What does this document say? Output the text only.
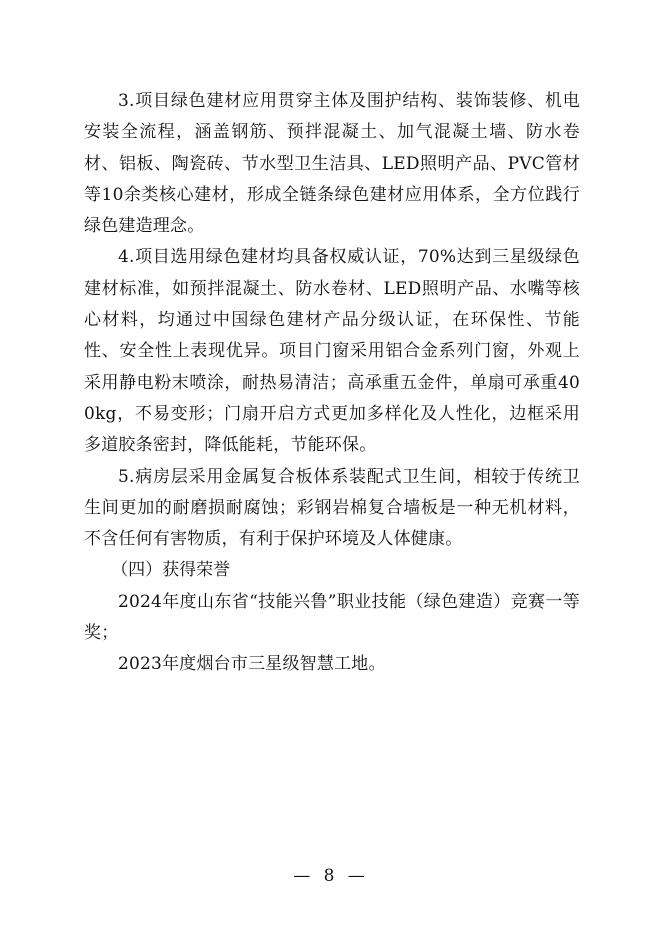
3.项目绿色建材应用贯穿主体及围护结构、装饰装修、机电安装全流程，涵盖钢筋、预拌混凝土、加气混凝土墙、防水卷材、铝板、陶瓷砖、节水型卫生洁具、LED照明产品、PVC管材等10余类核心建材，形成全链条绿色建材应用体系，全方位践行绿色建造理念。

4.项目选用绿色建材均具备权威认证，70%达到三星级绿色建材标准，如预拌混凝土、防水卷材、LED照明产品、水嘴等核心材料，均通过中国绿色建材产品分级认证，在环保性、节能性、安全性上表现优异。项目门窗采用铝合金系列门窗，外观上采用静电粉末喷涂，耐热易清洁；高承重五金件，单扇可承重400kg，不易变形；门扇开启方式更加多样化及人性化，边框采用多道胶条密封，降低能耗，节能环保。

5.病房层采用金属复合板体系装配式卫生间，相较于传统卫生间更加的耐磨损耐腐蚀；彩钢岩棉复合墙板是一种无机材料，不含任何有害物质，有利于保护环境及人体健康。

（四）获得荣誉

2024年度山东省“技能兴鲁”职业技能（绿色建造）竞赛一等奖；

2023年度烟台市三星级智慧工地。

— 8 —
